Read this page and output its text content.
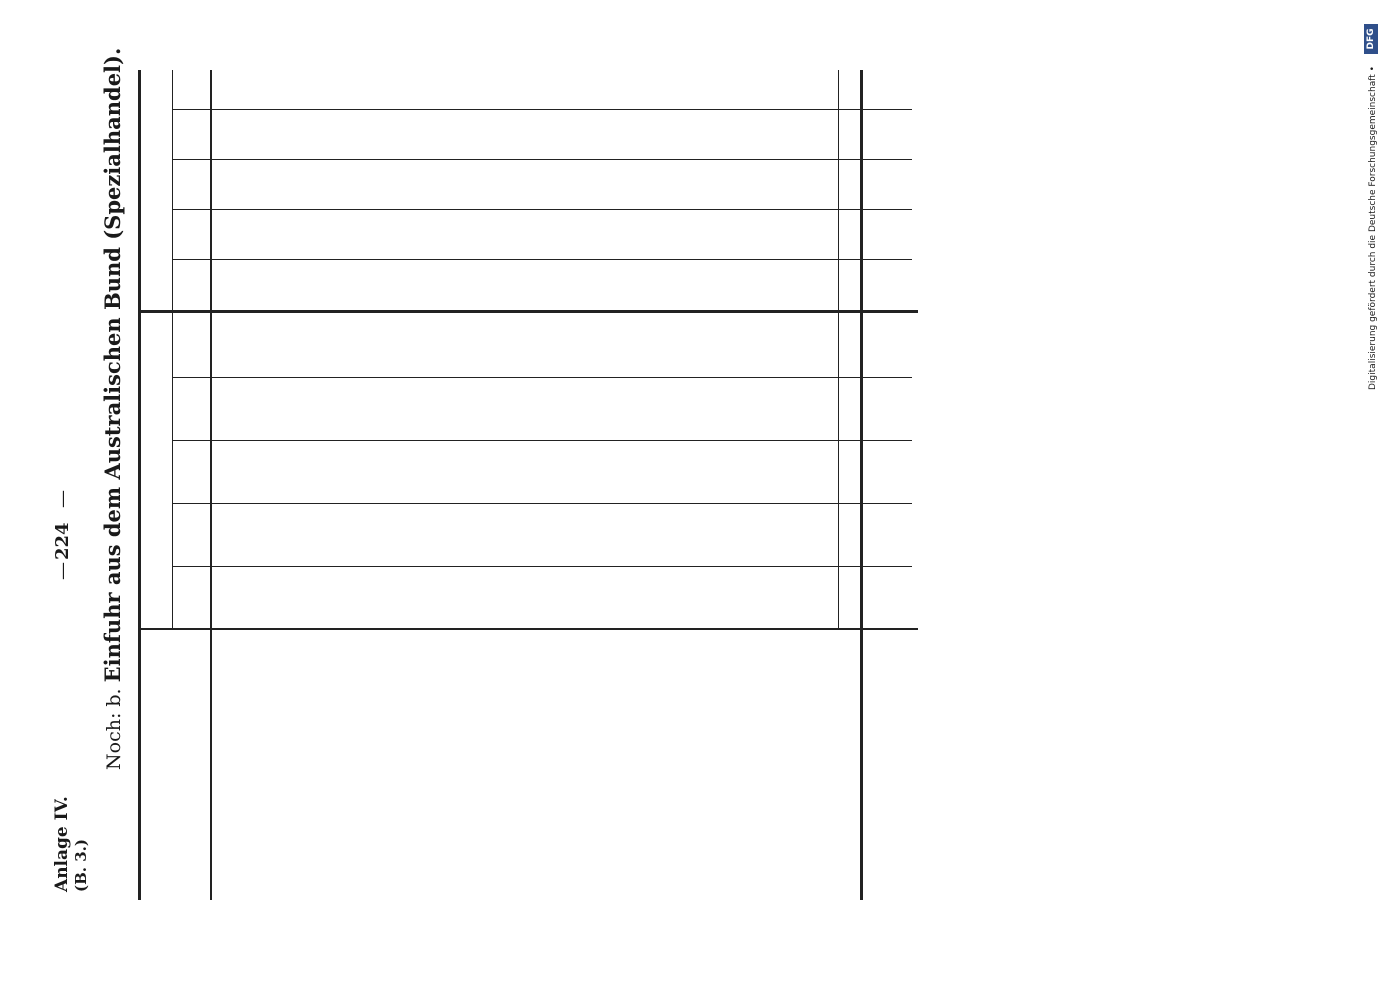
Anlage IV. (B. 3.)
—
224
—
Noch: b. Einfuhr aus dem Australischen Bund (Spezialhandel).	Digitalisierung gefördert durch die Deutsche Forschungsgemeinschaft •
DFG
